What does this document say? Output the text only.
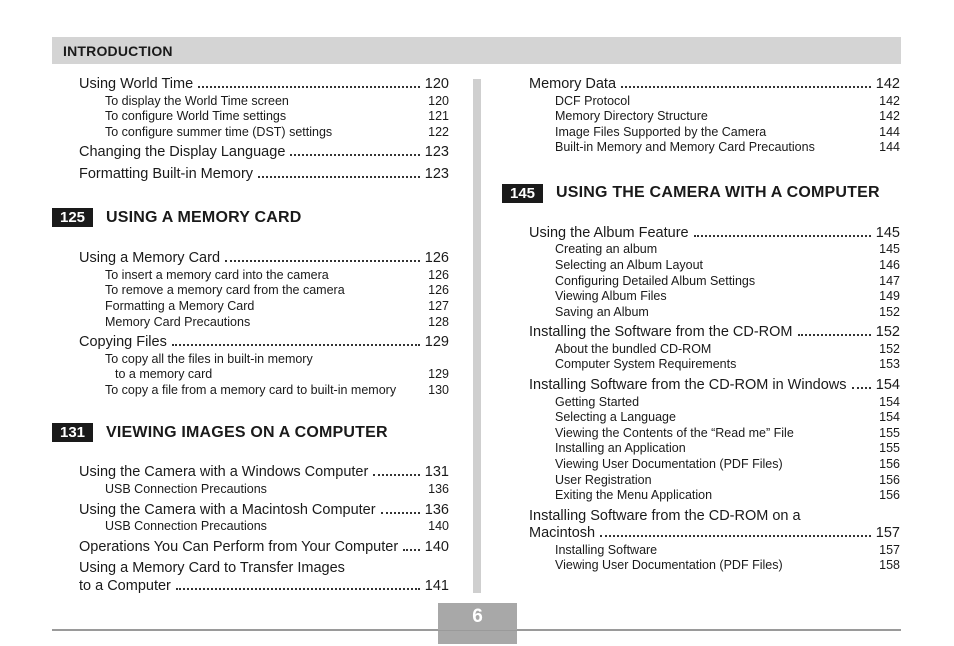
INTRODUCTION
Using World Time	120
To display the World Time screen	120
To configure World Time settings	121
To configure summer time (DST) settings	122
Changing the Display Language	123
Formatting Built-in Memory	123
125	USING A MEMORY CARD
Using a Memory Card	126
To insert a memory card into the camera	126
To remove a memory card from the camera	126
Formatting a Memory Card	127
Memory Card Precautions	128
Copying Files	129
To copy all the files in built-in memory
to a memory card	129
To copy a file from a memory card to built-in memory	130
131	VIEWING IMAGES ON A COMPUTER
Using the Camera with a Windows Computer	131
USB Connection Precautions	136
Using the Camera with a Macintosh Computer	136
USB Connection Precautions	140
Operations You Can Perform from Your Computer 140
Using a Memory Card to Transfer Images
to a Computer	141
Memory Data	142
DCF Protocol	142
Memory Directory Structure	142
Image Files Supported by the Camera	144
Built-in Memory and Memory Card Precautions	144
145	USING THE CAMERA WITH A COMPUTER
Using the Album Feature	145
Creating an album	145
Selecting an Album Layout	146
Configuring Detailed Album Settings	147
Viewing Album Files	149
Saving an Album	152
Installing the Software from the CD-ROM	152
About the bundled CD-ROM	152
Computer System Requirements	153
Installing Software from the CD-ROM in Windows 154
Getting Started	154
Selecting a Language	154
Viewing the Contents of the “Read me” File	155
Installing an Application	155
Viewing User Documentation (PDF Files)	156
User Registration	156
Exiting the Menu Application	156
Installing Software from the CD-ROM on a
Macintosh	157
Installing Software	157
Viewing User Documentation (PDF Files)	158
6
